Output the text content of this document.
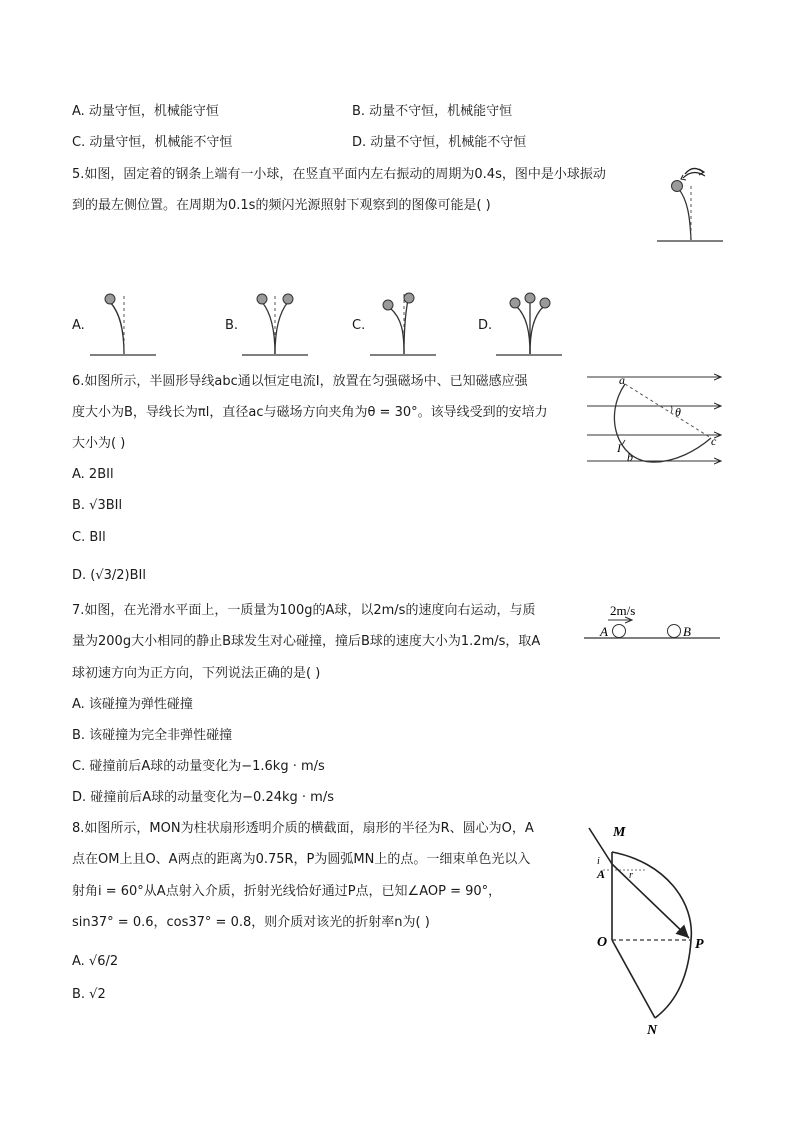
A. 动量守恒，机械能守恒	B. 动量不守恒，机械能守恒
C. 动量守恒，机械能不守恒	D. 动量不守恒，机械能不守恒
5.如图，固定着的钢条上端有一小球，在竖直平面内左右振动的周期为0.4s，图中是小球振动
到的最左侧位置。在周期为0.1s的频闪光源照射下观察到的图像可能是( )
A.	B.	C.	D.
6.如图所示，半圆形导线abc通以恒定电流I，放置在匀强磁场中、已知磁感应强
度大小为B，导线长为πl，直径ac与磁场方向夹角为θ = 30°。该导线受到的安培力
大小为( )
A. 2BIl
B. √3BIl
C. BIl
D. (√3/2)BIl
a
θ
c
I
b
7.如图，在光滑水平面上，一质量为100g的A球，以2m/s的速度向右运动，与质
量为200g大小相同的静止B球发生对心碰撞，撞后B球的速度大小为1.2m/s，取A
球初速方向为正方向，下列说法正确的是( )
A. 该碰撞为弹性碰撞
B. 该碰撞为完全非弹性碰撞
C. 碰撞前后A球的动量变化为−1.6kg · m/s
D. 碰撞前后A球的动量变化为−0.24kg · m/s
2m/s
A	B
8.如图所示，MON为柱状扇形透明介质的横截面，扇形的半径为R、圆心为O，A
点在OM上且O、A两点的距离为0.75R，P为圆弧MN上的点。一细束单色光以入
射角i = 60°从A点射入介质，折射光线恰好通过P点，已知∠AOP = 90°，
sin37° = 0.6，cos37° = 0.8，则介质对该光的折射率n为( )
A. √6/2
B. √2
M
i
A r
O	P
N
